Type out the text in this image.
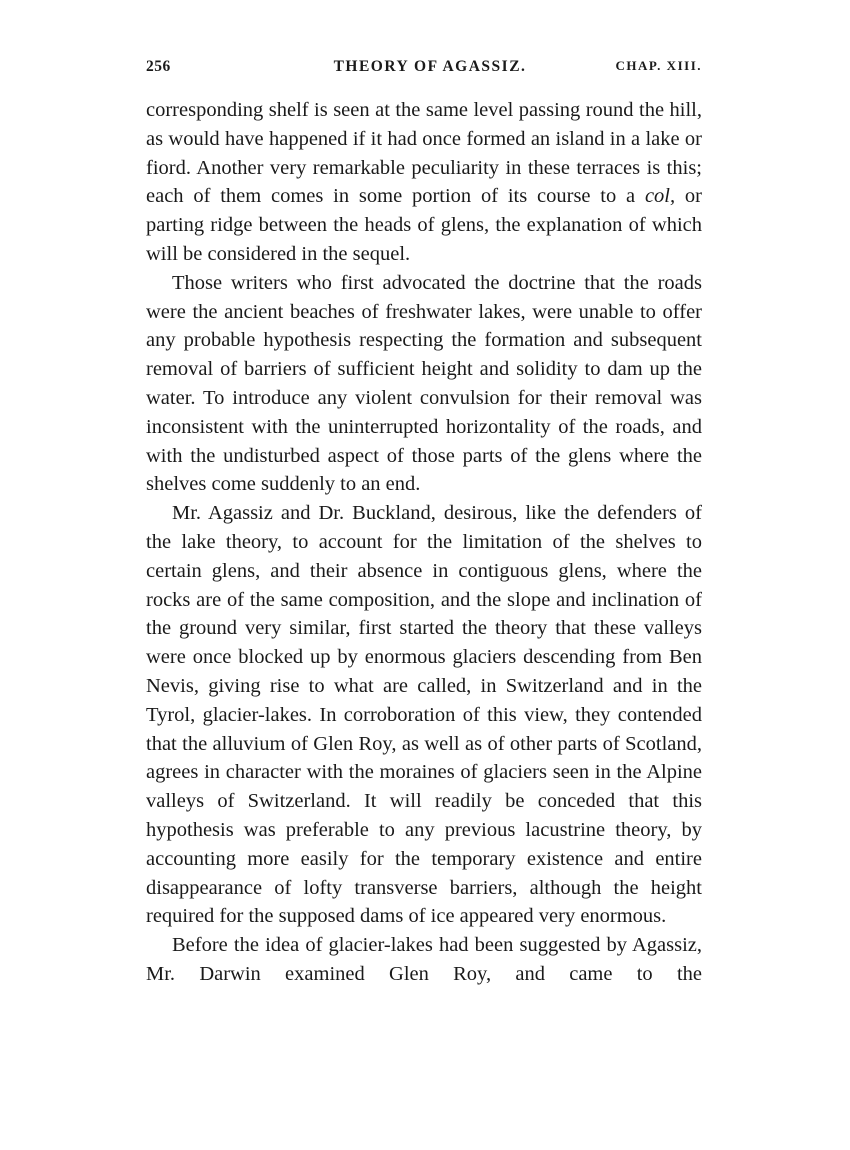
256	THEORY OF AGASSIZ.	CHAP. XIII.

corresponding shelf is seen at the same level passing round the hill, as would have happened if it had once formed an island in a lake or fiord. Another very remarkable peculiarity in these terraces is this; each of them comes in some portion of its course to a col, or parting ridge between the heads of glens, the explanation of which will be considered in the sequel.

Those writers who first advocated the doctrine that the roads were the ancient beaches of freshwater lakes, were unable to offer any probable hypothesis respecting the formation and subsequent removal of barriers of sufficient height and solidity to dam up the water. To introduce any violent convulsion for their removal was inconsistent with the uninterrupted horizontality of the roads, and with the undisturbed aspect of those parts of the glens where the shelves come suddenly to an end.

Mr. Agassiz and Dr. Buckland, desirous, like the defenders of the lake theory, to account for the limitation of the shelves to certain glens, and their absence in contiguous glens, where the rocks are of the same composition, and the slope and inclination of the ground very similar, first started the theory that these valleys were once blocked up by enormous glaciers descending from Ben Nevis, giving rise to what are called, in Switzerland and in the Tyrol, glacier-lakes. In corroboration of this view, they contended that the alluvium of Glen Roy, as well as of other parts of Scotland, agrees in character with the moraines of glaciers seen in the Alpine valleys of Switzerland. It will readily be conceded that this hypothesis was preferable to any previous lacustrine theory, by accounting more easily for the temporary existence and entire disappearance of lofty transverse barriers, although the height required for the supposed dams of ice appeared very enormous.

Before the idea of glacier-lakes had been suggested by Agassiz, Mr. Darwin examined Glen Roy, and came to the
